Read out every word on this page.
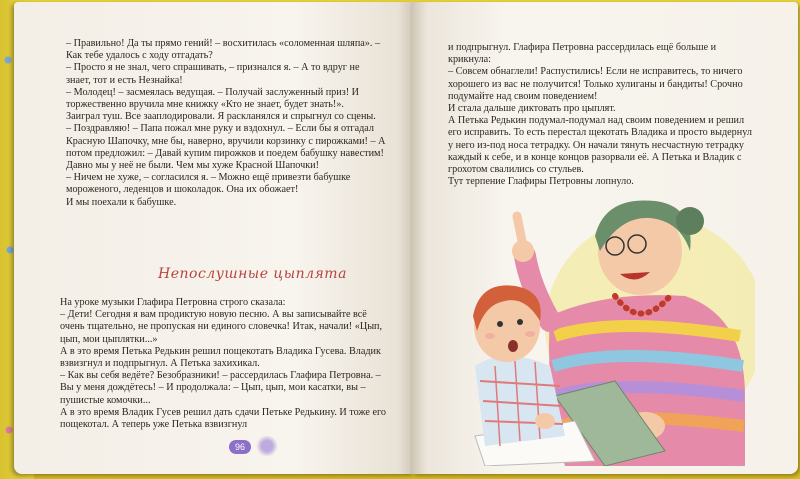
– Правильно! Да ты прямо гений! – восхитилась «соломенная шляпа». – Как тебе удалось с ходу отгадать?

– Просто я не знал, чего спрашивать, – признался я. – А то вдруг не знает, тот и есть Незнайка!

– Молодец! – засмеялась ведущая. – Получай заслуженный приз! И торжественно вручила мне книжку «Кто не знает, будет знать!».

Заиграл туш. Все зааплодировали. Я раскланялся и спрыгнул со сцены.

– Поздравляю! – Папа пожал мне руку и вздохнул. – Если бы я отгадал Красную Шапочку, мне бы, наверно, вручили корзинку с пирожками! – А потом предложил: – Давай купим пирожков и поедем бабушку навестим! Давно мы у неё не были. Чем мы хуже Красной Шапочки!

– Ничем не хуже, – согласился я. – Можно ещё привезти бабушке мороженого, леденцов и шоколадок. Она их обожает!

И мы поехали к бабушке.

Непослушные цыплята

На уроке музыки Глафира Петровна строго сказала:

– Дети! Сегодня я вам продиктую новую песню. А вы записывайте всё очень тщательно, не пропуская ни единого словечка! Итак, начали! «Цып, цып, мои цыплятки...»

А в это время Петька Редькин решил пощекотать Владика Гусева. Владик взвизгнул и подпрыгнул. А Петька захихикал.

– Как вы себя ведёте? Безобразники! – рассердилась Глафира Петровна. – Вы у меня дождётесь! – И продолжала: – Цып, цып, мои касатки, вы – пушистые комочки...

А в это время Владик Гусев решил дать сдачи Петьке Редькину. И тоже его пощекотал. А теперь уже Петька взвизгнул

96

и подпрыгнул. Глафира Петровна рассердилась ещё больше и крикнула:

– Совсем обнаглели! Распустились! Если не исправитесь, то ничего хорошего из вас не получится! Только хулиганы и бандиты! Срочно подумайте над своим поведением!

И стала дальше диктовать про цыплят.

А Петька Редькин подумал-подумал над своим поведением и решил его исправить. То есть перестал щекотать Владика и просто выдернул у него из-под носа тетрадку. Он начали тянуть несчастную тетрадку каждый к себе, и в конце концов разорвали её. А Петька и Владик с грохотом свалились со стульев.

Тут терпение Глафиры Петровны лопнуло.
